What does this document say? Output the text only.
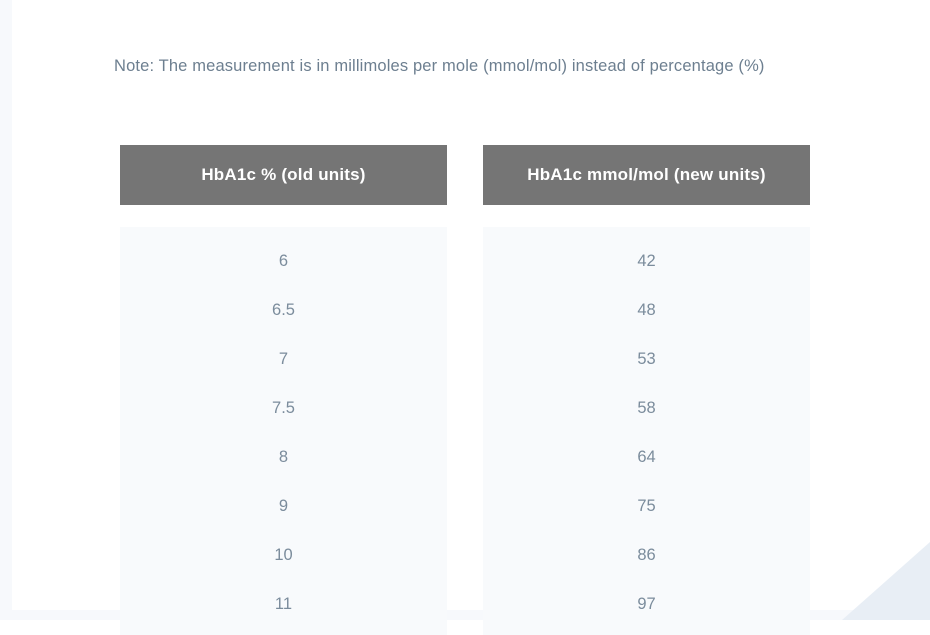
Note: The measurement is in millimoles per mole (mmol/mol) instead of percentage (%)
HbA1c % (old units)
6
6.5
7
7.5
8
9
10
11
HbA1c mmol/mol (new units)
42
48
53
58
64
75
86
97
